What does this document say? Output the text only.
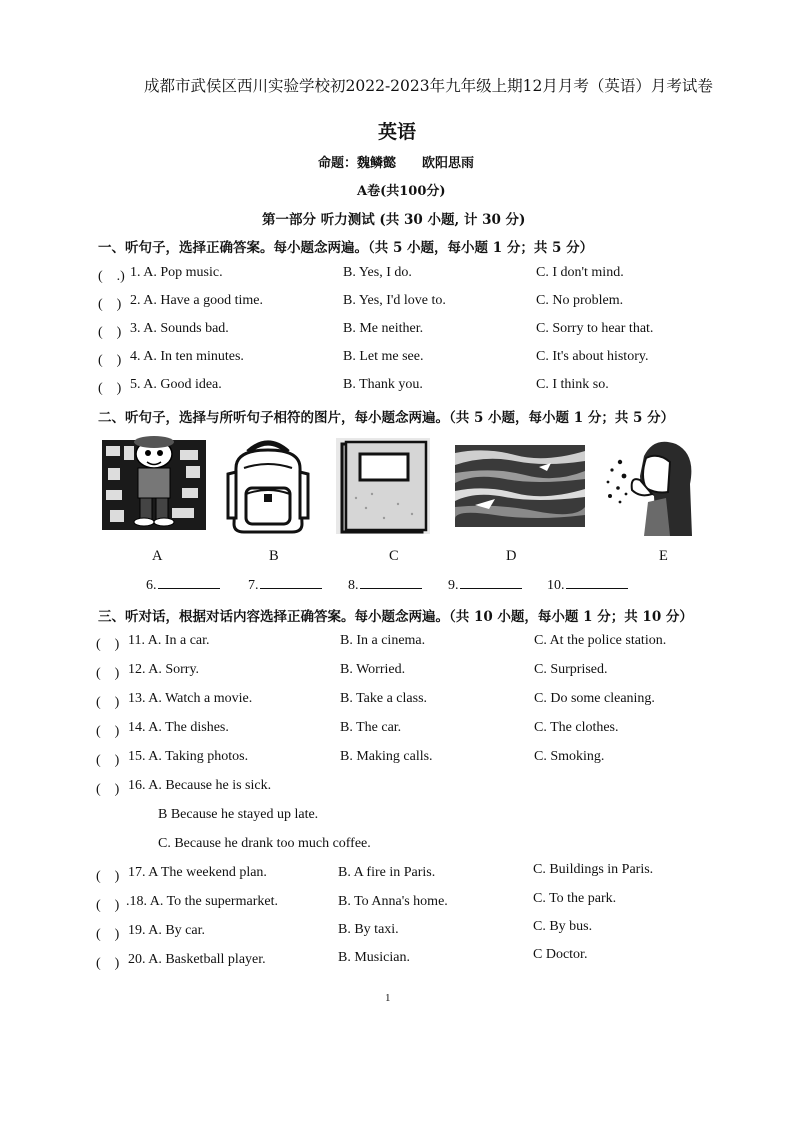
成都市武侯区西川实验学校初2022-2023年九年级上期12月月考（英语）月考试卷
英语
命题：魏鳞懿　　欧阳思雨
A卷(共100分)
第一部分 听力测试 (共 30 小题, 计 30 分)
一、听句子，选择正确答案。每小题念两遍。（共 5 小题，每小题 1 分；共 5 分）
(　.) 1. A. Pop music.	B. Yes, I do.	C. I don't mind.
(　) 2. A. Have a good time.	B. Yes, I'd love to.	C. No problem.
(　) 3. A. Sounds bad.	B. Me neither.	C. Sorry to hear that.
(　) 4. A. In ten minutes.	B. Let me see.	C. It's about history.
(　) 5. A. Good idea.	B. Thank you.	C. I think so.
二、听句子，选择与所听句子相符的图片，每小题念两遍。（共 5 小题，每小题 1 分；共 5 分）
A	B	C	D	E
6.	7.	8.	9.	10.
三、听对话，根据对话内容选择正确答案。每小题念两遍。（共 10 小题，每小题 1 分；共 10 分）
(　) 11. A. In a car.	B. In a cinema.	C. At the police station.
(　) 12. A. Sorry.	B. Worried.	C. Surprised.
(　) 13. A. Watch a movie.	B. Take a class.	C. Do some cleaning.
(　) 14. A. The dishes.	B. The car.	C. The clothes.
(　) 15. A. Taking photos.	B. Making calls.	C. Smoking.
(　) 16. A. Because he is sick.
B Because he stayed up late.
C. Because he drank too much coffee.
(　) 17. A The weekend plan.	B. A fire in Paris.	C. Buildings in Paris.
(　) .18. A. To the supermarket.	B. To Anna's home.	C. To the park.
(　) 19. A. By car.	B. By taxi.	C. By bus.
(　) 20. A. Basketball player.	B. Musician.	C Doctor.
1
